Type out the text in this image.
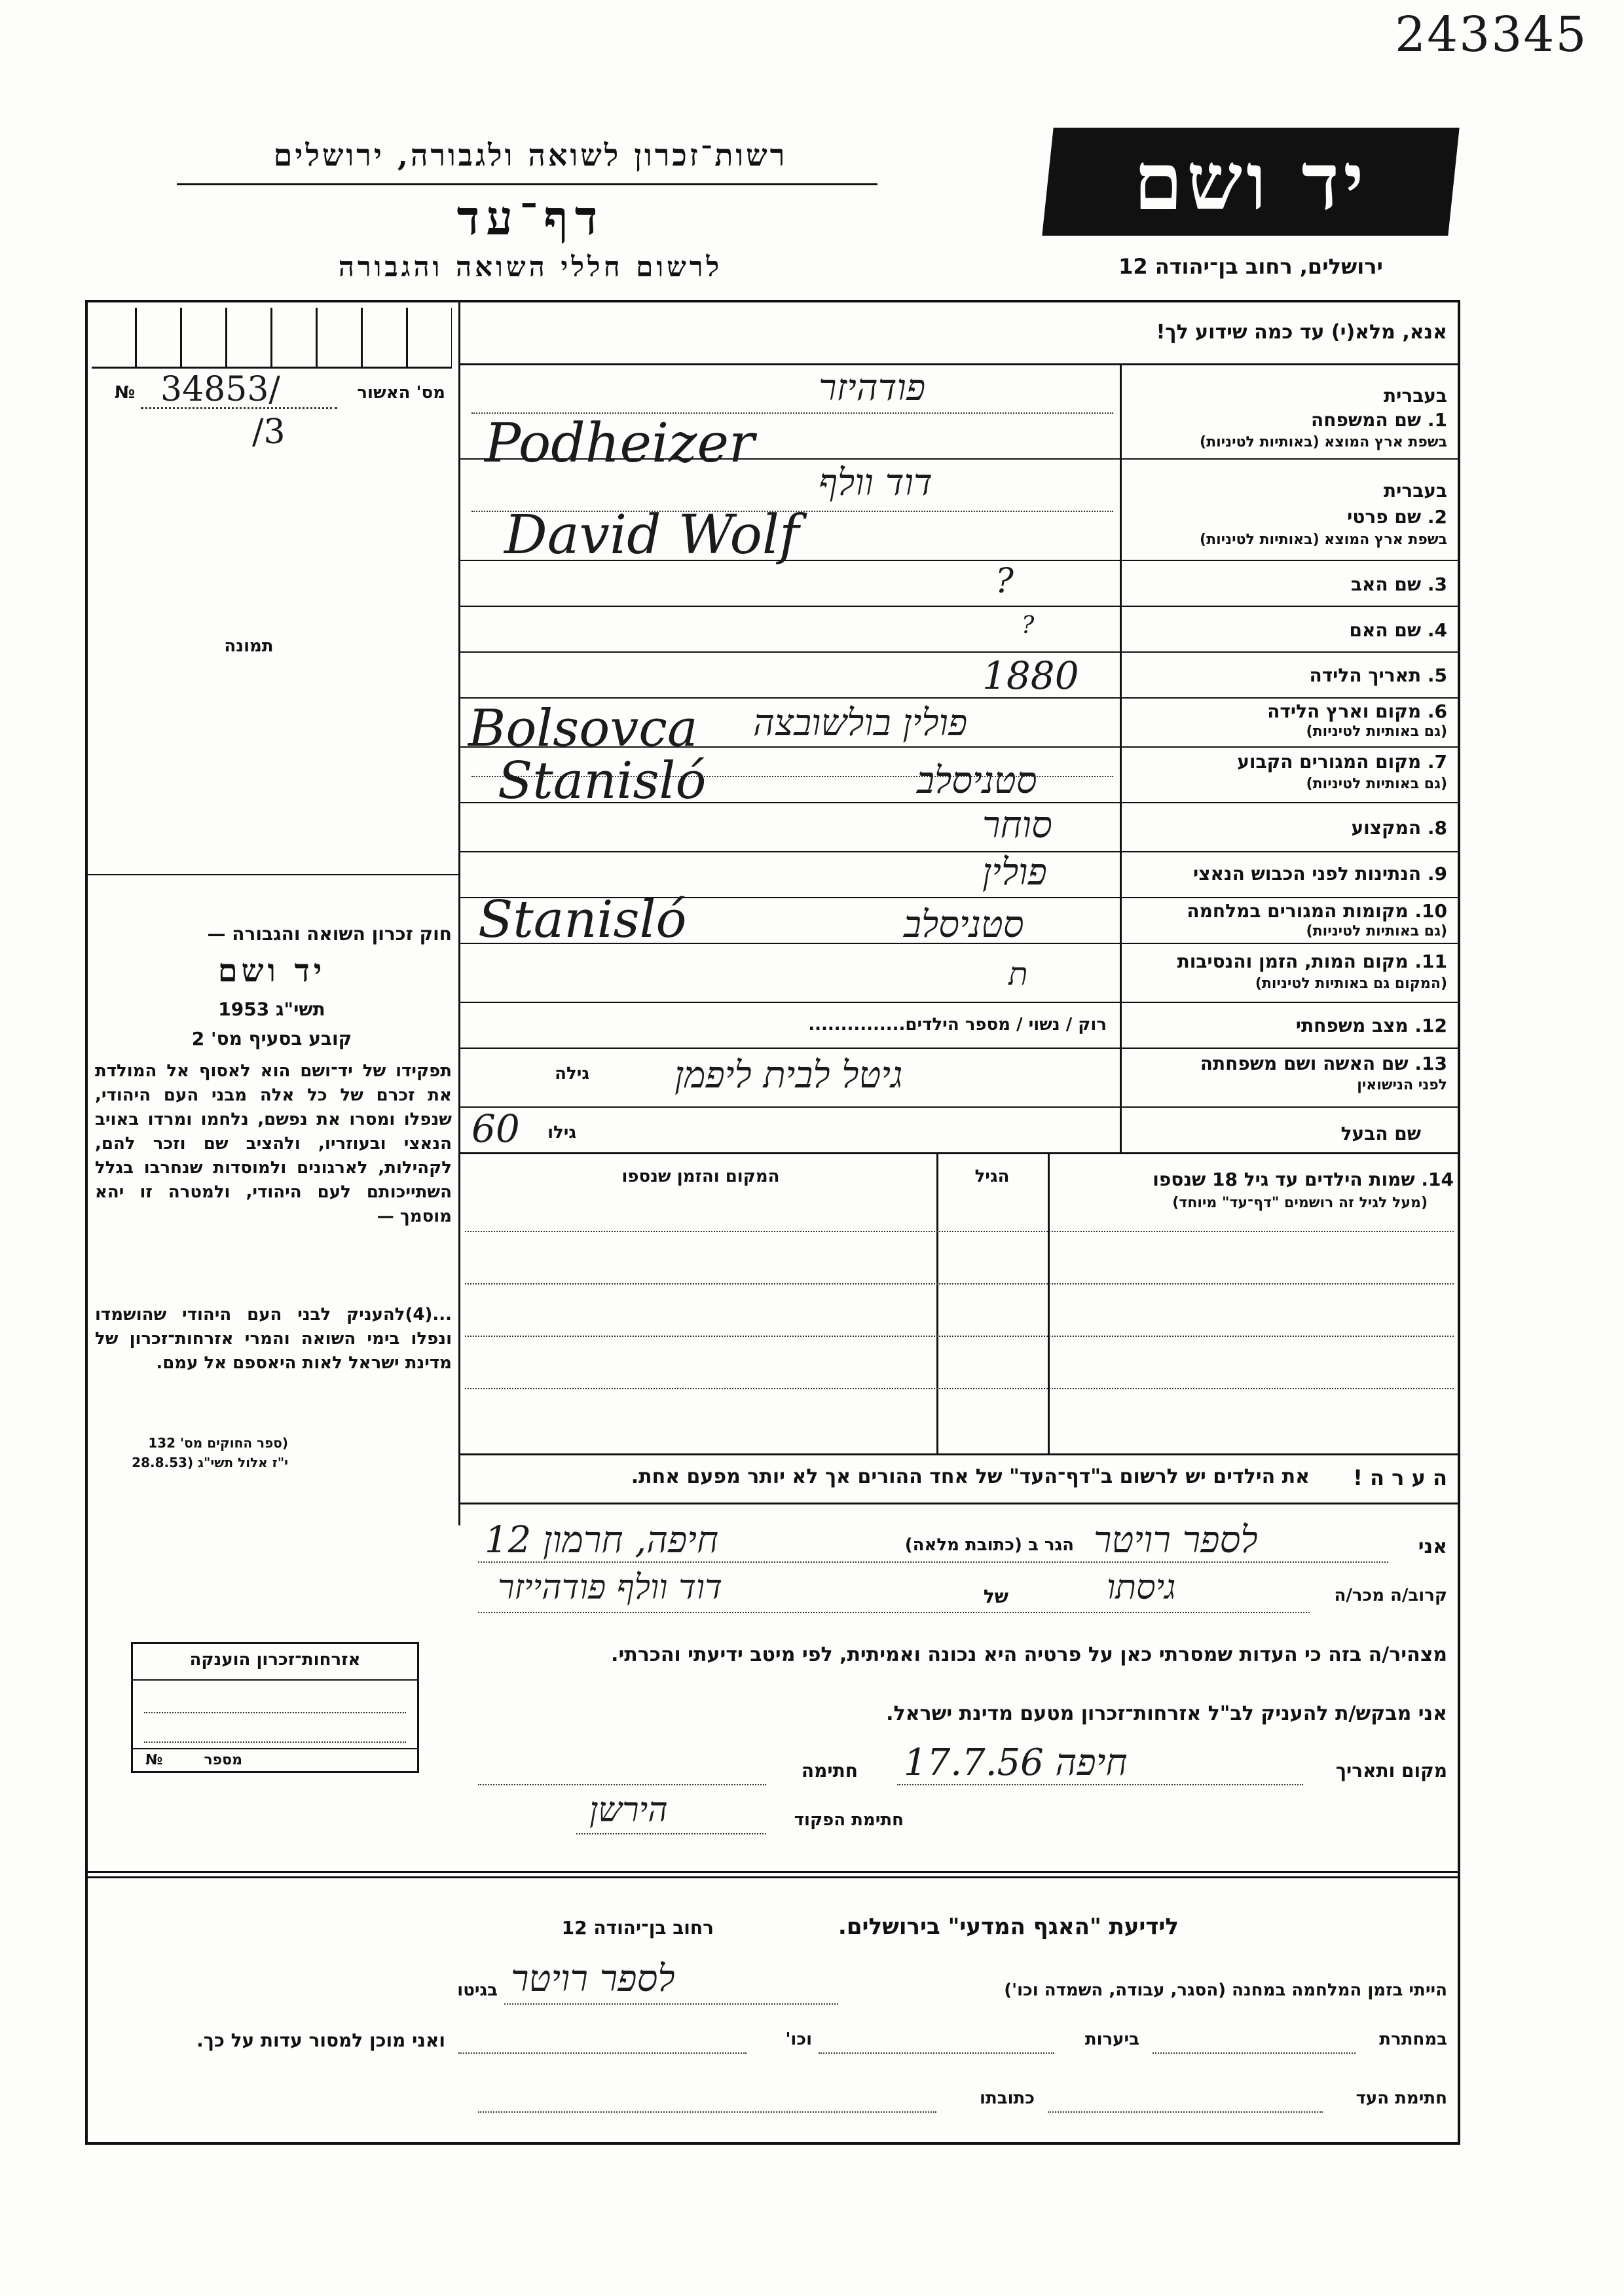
243345
רשות־זכרון לשואה ולגבורה, ירושלים
דף־עד
לרשום חללי השואה והגבורה
יד ושם
ירושלים, רחוב בן־יהודה 12
אנא, מלא(י) עד כמה שידוע לך!
מס' האשור
№ 34853/
/3
תמונה
חוק זכרון השואה והגבורה —
יד ושם
תשי"ג 1953
קובע בסעיף מס' 2
תפקידו של יד־ושם הוא לאסוף אל המולדת את זכרם של כל אלה מבני העם היהודי, שנפלו ומסרו את נפשם, נלחמו ומרדו באויב הנאצי ובעוזריו, ולהציב שם וזכר להם, לקהילות, לארגונים ולמוסדות שנחרבו בגלל השתייכותם לעם היהודי, ולמטרה זו יהא מוסמך —
...(4)להעניק לבני העם היהודי שהושמדו ונפלו בימי השואה והמרי אזרחות־זכרון של מדינת ישראל לאות היאספם אל עמם.
(ספר החוקים מס' 132
י"ז אלול תשי"ג (28.8.53
אזרחות־זכרון הוענקה
מספר
№
בעברית
1. שם המשפחה
בשפת ארץ המוצא (באותיות לטיניות)
פודהיזר
Podheizer
בעברית
2. שם פרטי
בשפת ארץ המוצא (באותיות לטיניות)
דוד וולף
David Wolf
3. שם האב
?
4. שם האם
?
5. תאריך הלידה
1880
6. מקום וארץ הלידה
(גם באותיות לטיניות)
פולין בולשובצה
Bolsovca
7. מקום המגורים הקבוע
(גם באותיות לטיניות)
סטניסלב
Stanisló
8. המקצוע
סוחר
9. הנתינות לפני הכבוש הנאצי
פולין
10. מקומות המגורים במלחמה
(גם באותיות לטיניות)
סטניסלב
Stanislό
11. מקום המות, הזמן והנסיבות
(המקום גם באותיות לטיניות)
ת
12. מצב משפחתי
רוק / נשוי / מספר הילדים...............
13. שם האשה ושם משפחתה
לפני הנישואין
גילה גיטל לבית ליפמן
שם הבעל
גילו
60
14. שמות הילדים עד גיל 18 שנספו
(מעל לגיל זה רושמים "דף־עד" מיוחד)
הגיל
המקום והזמן שנספו
ה ע ר ה !
את הילדים יש לרשום ב"דף־העד" של אחד ההורים אך לא יותר מפעם אחת.
אני
לספר רויטר
הגר ב (כתובת מלאה)
חיפה, חרמון 12
קרוב/ה מכר/ה
גיסתו
של
דוד וולף פודהייזר
מצהיר/ה בזה כי העדות שמסרתי כאן על פרטיה היא נכונה ואמיתית, לפי מיטב ידיעתי והכרתי.
אני מבקש/ת להעניק לב"ל אזרחות־זכרון מטעם מדינת ישראל.
מקום ותאריך
חיפה 17.7.56
חתימה
חתימת הפקוד
הירשן
לידיעת "האגף המדעי" בירושלים.
רחוב בן־יהודה 12
הייתי בזמן המלחמה במחנה (הסגר, עבודה, השמדה וכו')
לספר רויטר
בגיטו
במחתרת
ביערות
וכו'
ואני מוכן למסור עדות על כך.
חתימת העד
כתובתו
